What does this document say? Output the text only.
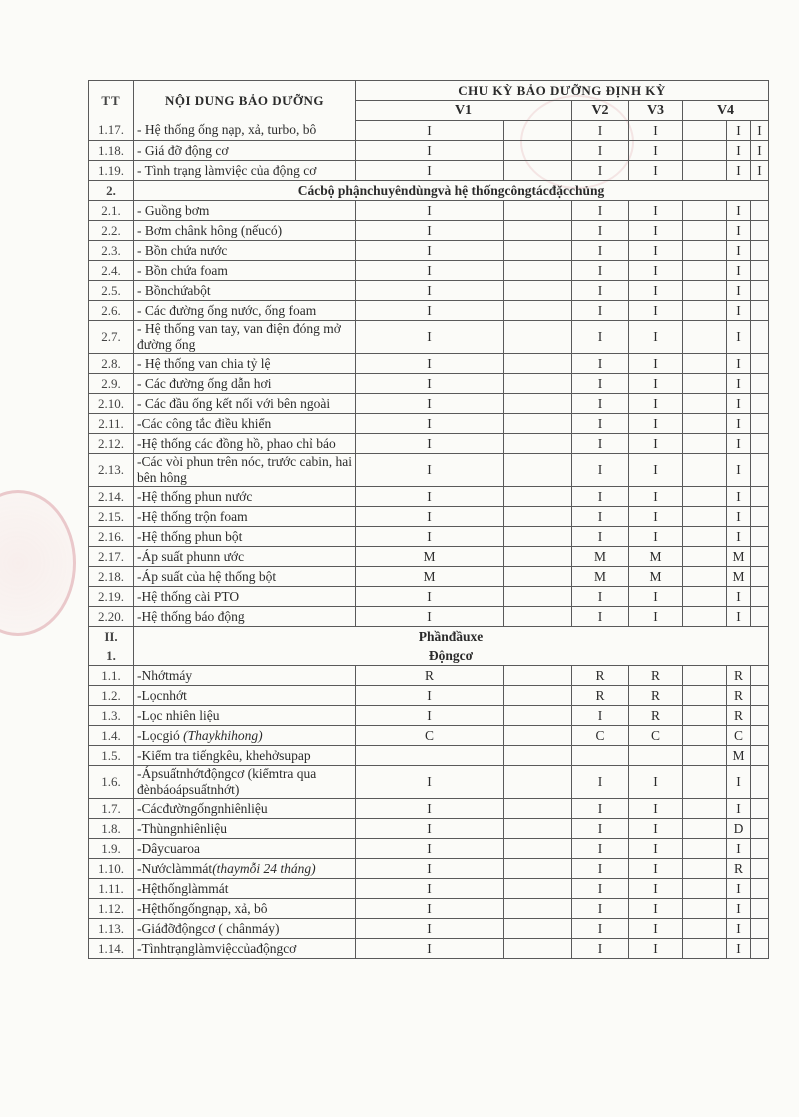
TT	NỘI DUNG BẢO DƯỠNG	CHU KỲ BẢO DƯỠNG ĐỊNH KỲ						
		V1		V2	V3	V4		
1.17.	- Hệ thống ống nạp, xả, turbo, bô	I		I	I		I	I
1.18.	- Giá đỡ động cơ	I		I	I		I	I
1.19.	- Tình trạng làmviệc của động cơ	I		I	I		I	I
2.	Cácbộ phậnchuyêndùngvà hệ thốngcôngtácđặcchủng							
2.1.	- Guồng bơm	I		I	I		I	
2.2.	- Bơm chânk hông (nếucó)	I		I	I		I	
2.3.	- Bồn chứa nước	I		I	I		I	
2.4.	- Bồn chứa foam	I		I	I		I	
2.5.	- Bồnchứabột	I		I	I		I	
2.6.	- Các đường ống nước, ống foam	I		I	I		I	
2.7.	- Hệ thống van tay, van điện đóng mở đường ống	I		I	I		I	
2.8.	- Hệ thống van chia tỷ lệ	I		I	I		I	
2.9.	- Các đường ống dẫn hơi	I		I	I		I	
2.10.	- Các đầu ống kết nối với bên ngoài	I		I	I		I	
2.11.	-Các công tắc điều khiển	I		I	I		I	
2.12.	-Hệ thống các đồng hồ, phao chỉ báo	I		I	I		I	
2.13.	-Các vòi phun trên nóc, trước cabin, hai bên hông	I		I	I		I	
2.14.	-Hệ thống phun nước	I		I	I		I	
2.15.	-Hệ thống trộn foam	I		I	I		I	
2.16.	-Hệ thống phun bột	I		I	I		I	
2.17.	-Áp suất phunn ước	M		M	M		M	
2.18.	-Áp suất của hệ thống bột	M		M	M		M	
2.19.	-Hệ thống cài PTO	I		I	I		I	
2.20.	-Hệ thống báo động	I		I	I		I	
II.	Phầnđầuxe							
1.	Độngcơ							
1.1.	-Nhớtmáy	R		R	R		R	
1.2.	-Lọcnhớt	I		R	R		R	
1.3.	-Lọc nhiên liệu	I		I	R		R	
1.4.	-Lọcgió (Thaykhihong)	C		C	C		C	
1.5.	-Kiểm tra tiếngkêu, khehởsupap						M	
1.6.	-Ápsuấtnhớtđộngcơ (kiểmtra qua đènbáoápsuấtnhớt)	I		I	I		I	
1.7.	-Cácđườngốngnhiênliệu	I		I	I		I	
1.8.	-Thùngnhiênliệu	I		I	I		D	
1.9.	-Dâycuaroa	I		I	I		I	
1.10.	-Nướclàmmát(thaymỗi 24 tháng)	I		I	I		R	
1.11.	-Hệthốnglàmmát	I		I	I		I	
1.12.	-Hệthốngốngnạp, xả, bô	I		I	I		I	
1.13.	-Giáđỡđộngcơ ( chânmáy)	I		I	I		I	
1.14.	-Tìnhtrạnglàmviệccủađộngcơ	I		I	I		I	
